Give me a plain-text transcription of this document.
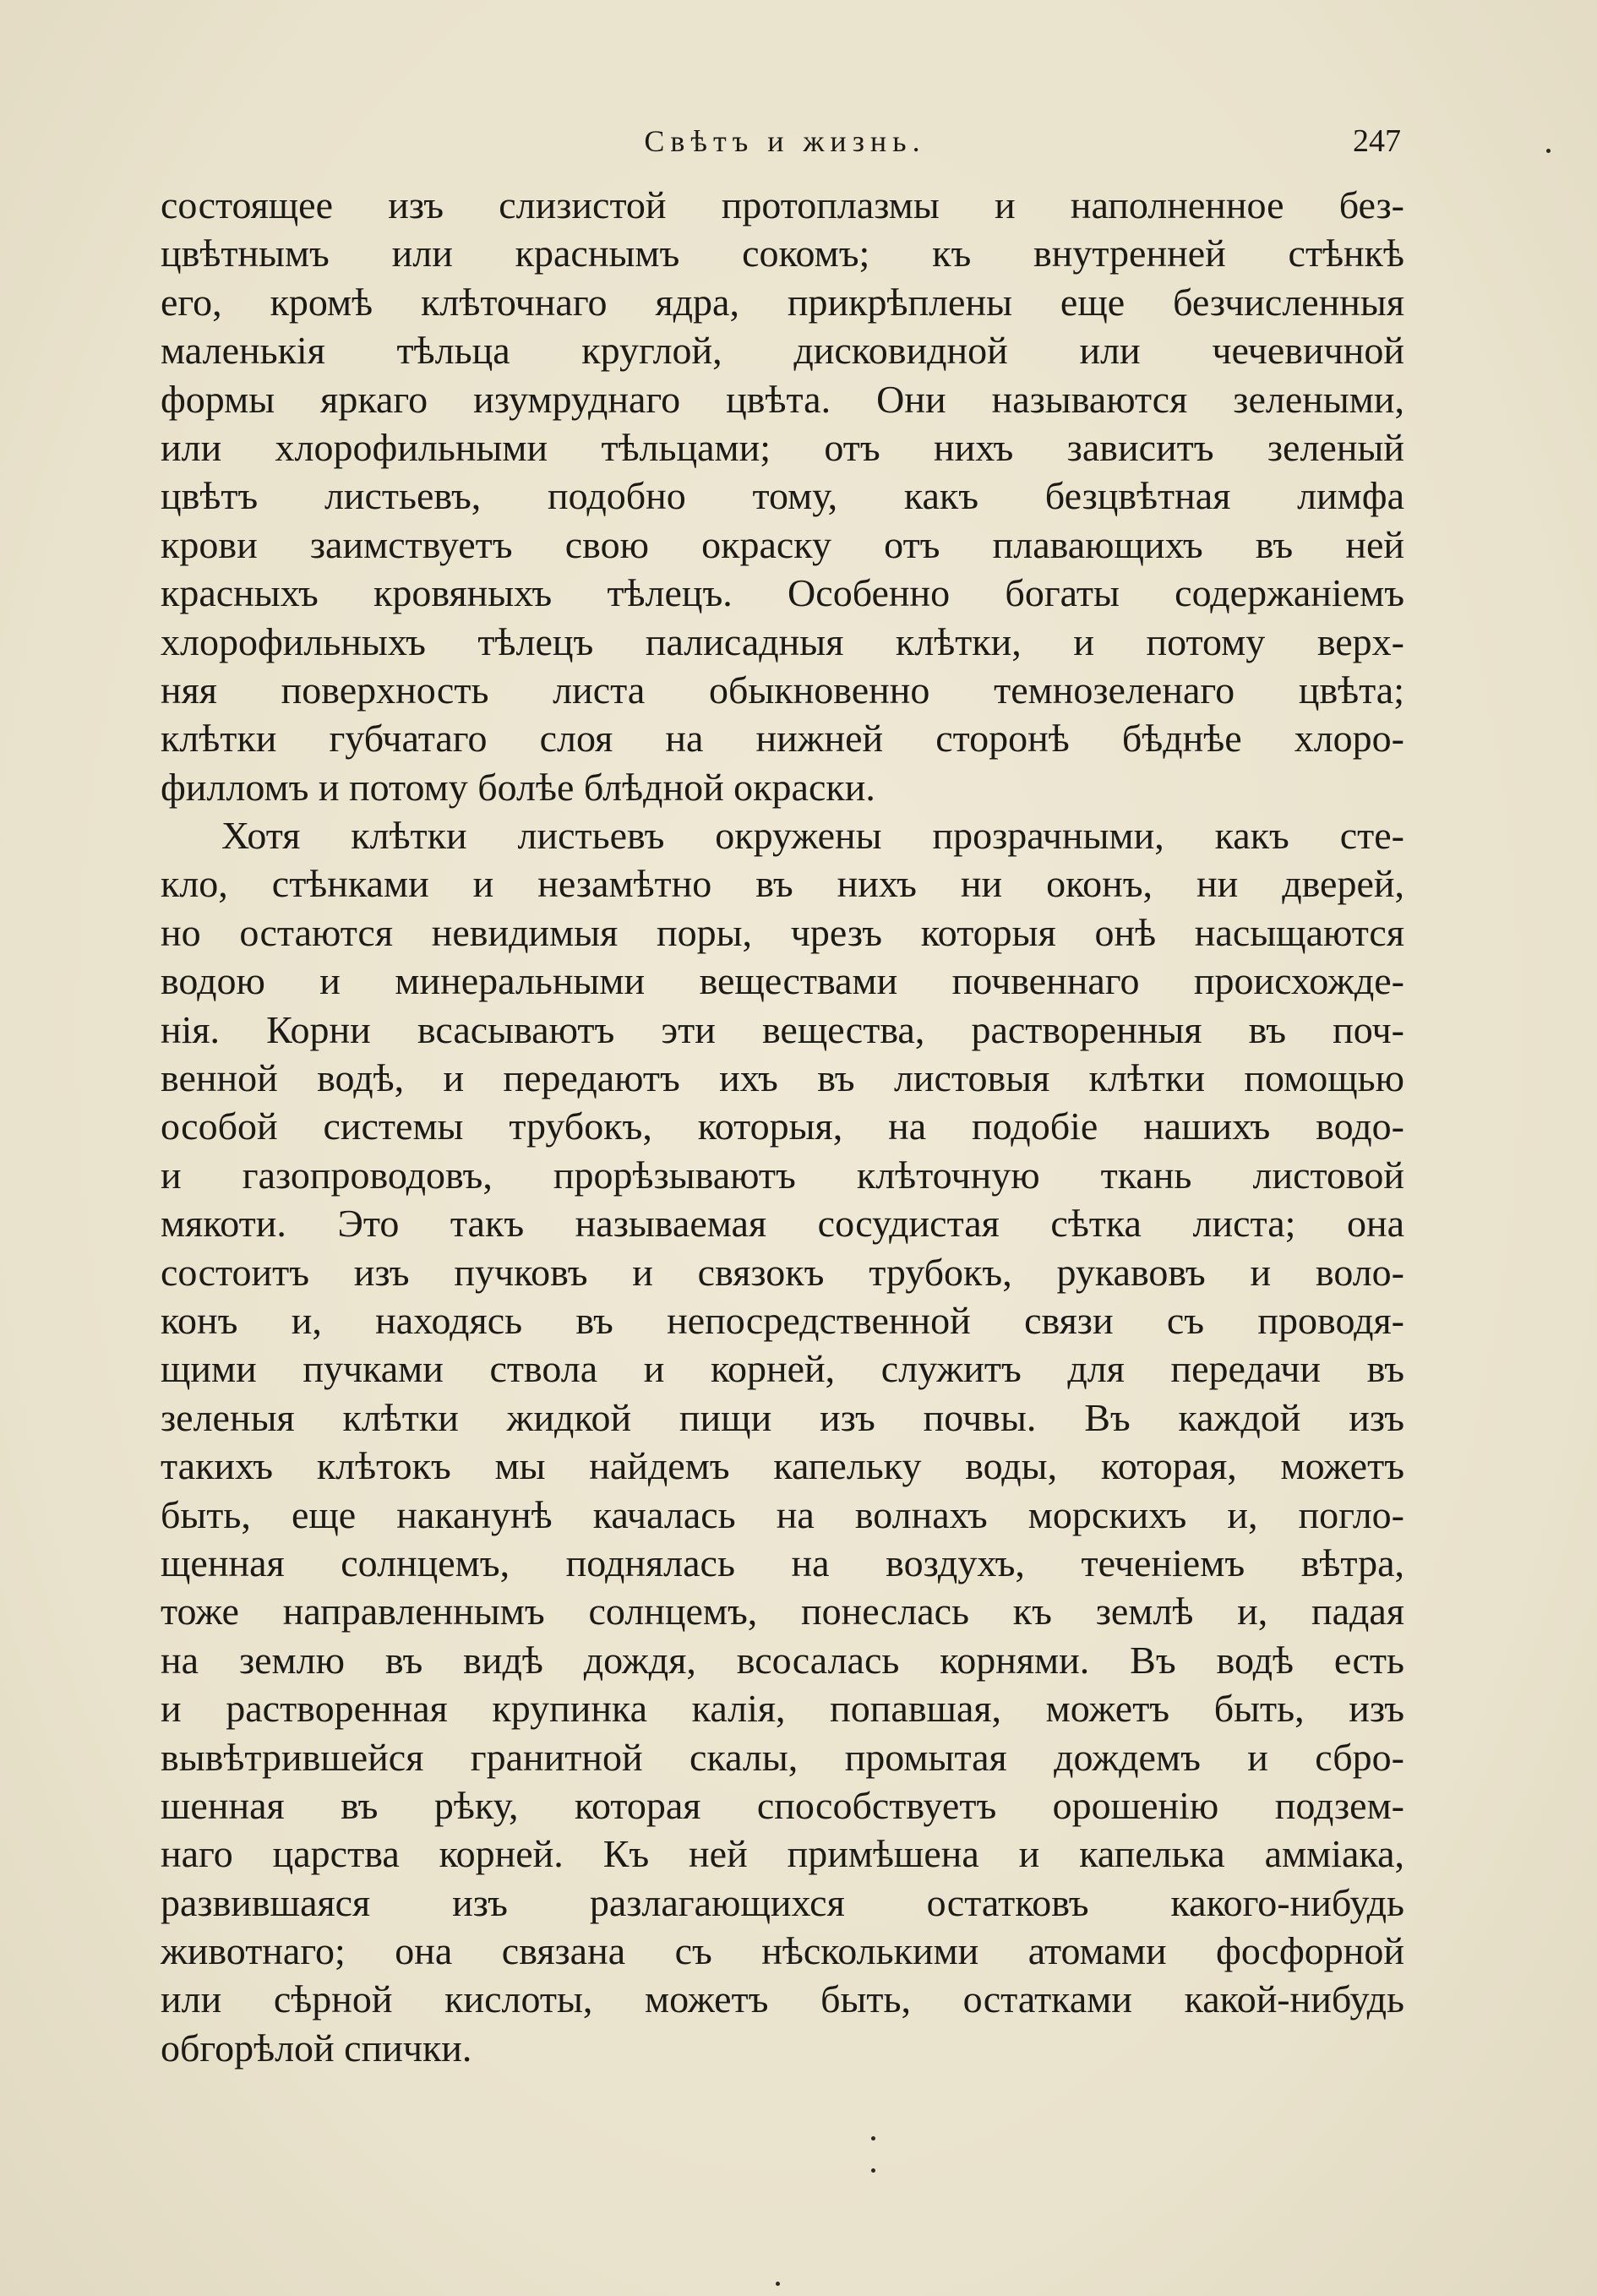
Свѣтъ и жизнь.	247
состоящее изъ слизистой протоплазмы и наполненное без-
цвѣтнымъ или краснымъ сокомъ; къ внутренней стѣнкѣ
его, кромѣ клѣточнаго ядра, прикрѣплены еще безчисленныя
маленькія тѣльца круглой, дисковидной или чечевичной
формы яркаго изумруднаго цвѣта. Они называются зелеными,
или хлорофильными тѣльцами; отъ нихъ зависитъ зеленый
цвѣтъ листьевъ, подобно тому, какъ безцвѣтная лимфа
крови заимствуетъ свою окраску отъ плавающихъ въ ней
красныхъ кровяныхъ тѣлецъ. Особенно богаты содержаніемъ
хлорофильныхъ тѣлецъ палисадныя клѣтки, и потому верх-
няя поверхность листа обыкновенно темнозеленаго цвѣта;
клѣтки губчатаго слоя на нижней сторонѣ бѣднѣе хлоро-
филломъ и потому болѣе блѣдной окраски.
Хотя клѣтки листьевъ окружены прозрачными, какъ сте-
кло, стѣнками и незамѣтно въ нихъ ни оконъ, ни дверей,
но остаются невидимыя поры, чрезъ которыя онѣ насыщаются
водою и минеральными веществами почвеннаго происхожде-
нія. Корни всасываютъ эти вещества, растворенныя въ поч-
венной водѣ, и передаютъ ихъ въ листовыя клѣтки помощью
особой системы трубокъ, которыя, на подобіе нашихъ водо-
и газопроводовъ, прорѣзываютъ клѣточную ткань листовой
мякоти. Это такъ называемая сосудистая сѣтка листа; она
состоитъ изъ пучковъ и связокъ трубокъ, рукавовъ и воло-
конъ и, находясь въ непосредственной связи съ проводя-
щими пучками ствола и корней, служитъ для передачи въ
зеленыя клѣтки жидкой пищи изъ почвы. Въ каждой изъ
такихъ клѣтокъ мы найдемъ капельку воды, которая, можетъ
быть, еще наканунѣ качалась на волнахъ морскихъ и, погло-
щенная солнцемъ, поднялась на воздухъ, теченіемъ вѣтра,
тоже направленнымъ солнцемъ, понеслась къ землѣ и, падая
на землю въ видѣ дождя, всосалась корнями. Въ водѣ есть
и растворенная крупинка калія, попавшая, можетъ быть, изъ
вывѣтрившейся гранитной скалы, промытая дождемъ и сбро-
шенная въ рѣку, которая способствуетъ орошенію подзем-
наго царства корней. Къ ней примѣшена и капелька амміака,
развившаяся изъ разлагающихся остатковъ какого-нибудь
животнаго; она связана съ нѣсколькими атомами фосфорной
или сѣрной кислоты, можетъ быть, остатками какой-нибудь
обгорѣлой спички.
